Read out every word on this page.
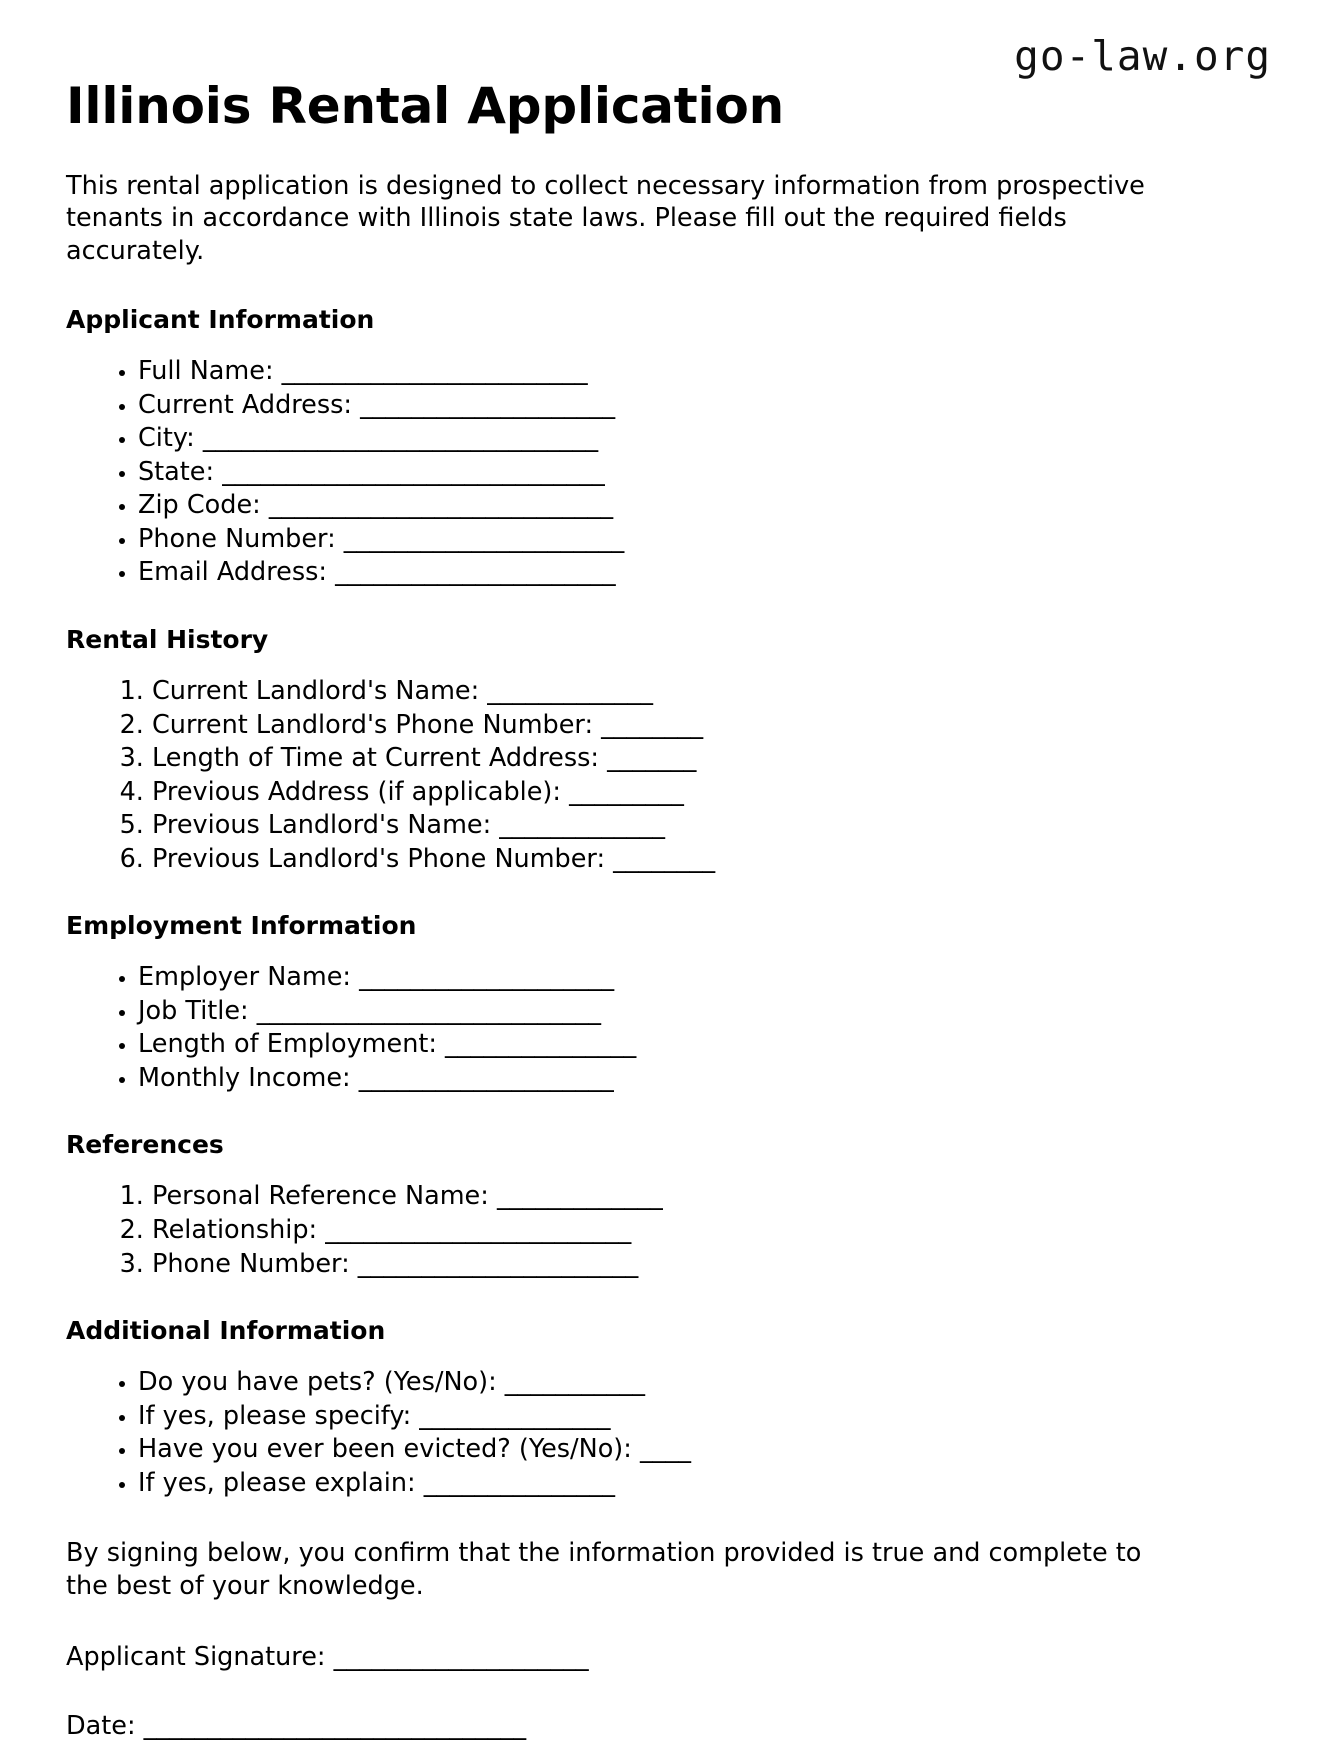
go-law.org
Illinois Rental Application

This rental application is designed to collect necessary information from prospective tenants in accordance with Illinois state laws. Please fill out the required fields accurately.

Applicant Information
• Full Name: ________________________
• Current Address: ____________________
• City: _______________________________
• State: ______________________________
• Zip Code: ___________________________
• Phone Number: ______________________
• Email Address: ______________________
Rental History
1. Current Landlord's Name: _____________
2. Current Landlord's Phone Number: ________
3. Length of Time at Current Address: _______
4. Previous Address (if applicable): _________
5. Previous Landlord's Name: _____________
6. Previous Landlord's Phone Number: ________
Employment Information
• Employer Name: ____________________
• Job Title: ___________________________
• Length of Employment: _______________
• Monthly Income: ____________________
References
1. Personal Reference Name: _____________
2. Relationship: ________________________
3. Phone Number: ______________________
Additional Information
• Do you have pets? (Yes/No): ___________
• If yes, please specify: _______________
• Have you ever been evicted? (Yes/No): ____
• If yes, please explain: _______________

By signing below, you confirm that the information provided is true and complete to the best of your knowledge.

Applicant Signature: ____________________

Date: ______________________________
